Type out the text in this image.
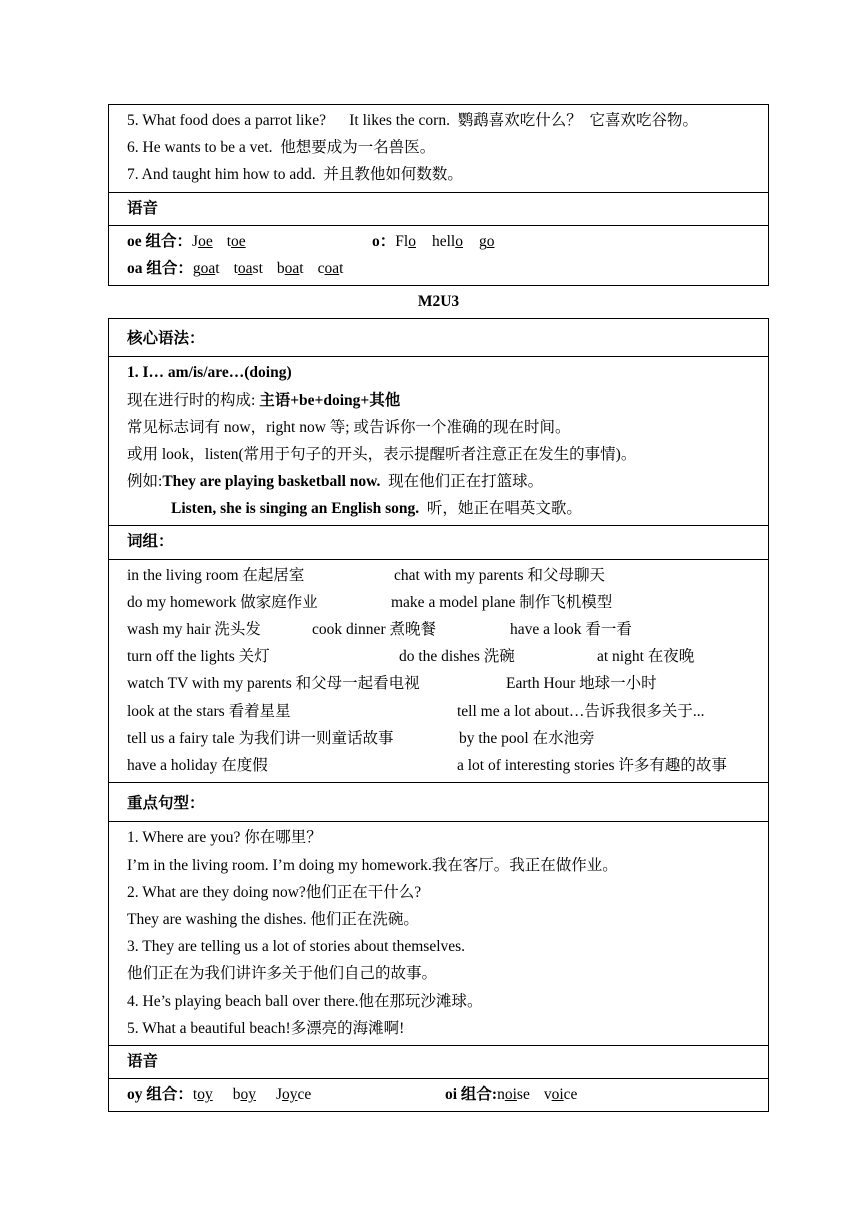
5. What food does a parrot like?      It likes the corn.  鹦鹉喜欢吃什么？  它喜欢吃谷物。
6. He wants to be a vet.  他想要成为一名兽医。
7. And taught him how to add.  并且教他如何数数。

语音

oe 组合：Joe toe	o：Flo hello go
oa 组合：goat toast boat coat
M2U3
核心语法：

1. I… am/is/are…(doing)
现在进行时的构成: 主语+be+doing+其他
常见标志词有 now，right now 等; 或告诉你一个准确的现在时间。
或用 look，listen(常用于句子的开头，表示提醒听者注意正在发生的事情)。
例如:They are playing basketball now.  现在他们正在打篮球。
Listen, she is singing an English song.  听，她正在唱英文歌。

词组：

in the living room 在起居室	chat with my parents 和父母聊天
do my homework 做家庭作业	make a model plane 制作飞机模型
wash my hair 洗头发	cook dinner 煮晚餐	have a look 看一看
turn off the lights 关灯	do the dishes 洗碗	at night 在夜晚
watch TV with my parents 和父母一起看电视	Earth Hour 地球一小时
look at the stars 看着星星	tell me a lot about…告诉我很多关于...
tell us a fairy tale 为我们讲一则童话故事	by the pool 在水池旁
have a holiday 在度假	a lot of interesting stories 许多有趣的故事

重点句型：

1. Where are you? 你在哪里？
I’m in the living room. I’m doing my homework.我在客厅。我正在做作业。
2. What are they doing now?他们正在干什么?
They are washing the dishes. 他们正在洗碗。
3. They are telling us a lot of stories about themselves.
他们正在为我们讲许多关于他们自己的故事。
4. He’s playing beach ball over there.他在那玩沙滩球。
5. What a beautiful beach!多漂亮的海滩啊!

语音

oy 组合：toy boy Joyce	oi 组合:noise voice
